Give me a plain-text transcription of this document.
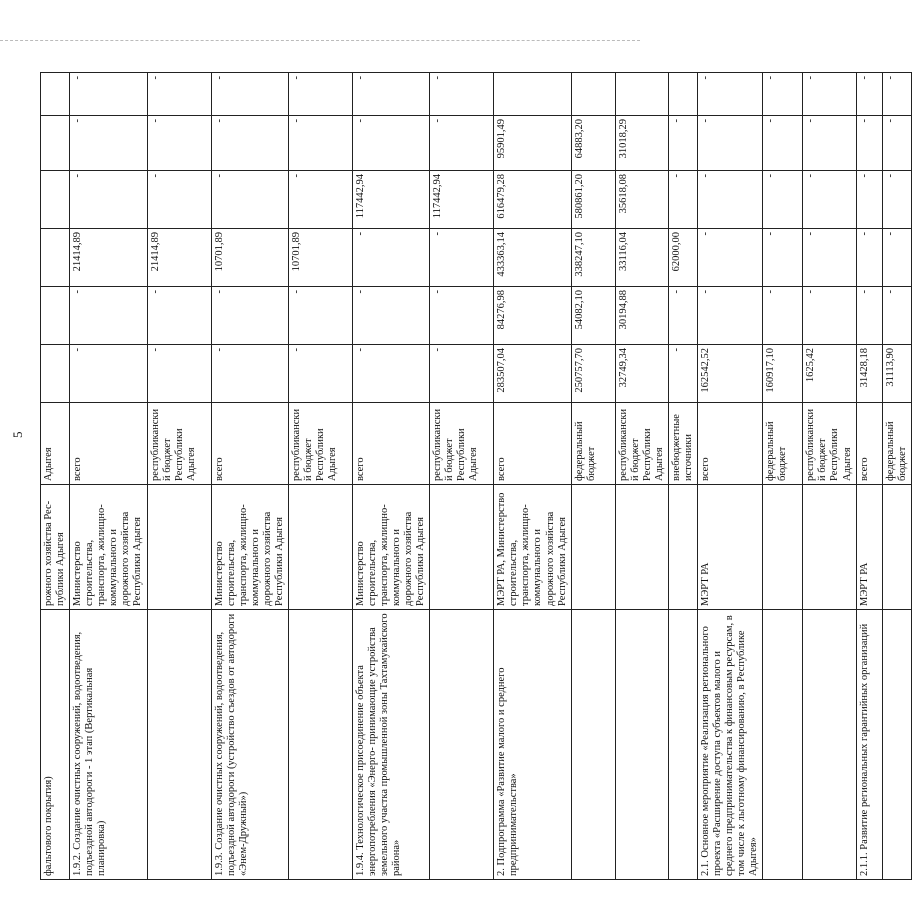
5
фальтового покрытия)	рожного хозяйства Рес-публики Адыгея	Адыгея						
1.9.2. Создание очистных сооружений, водоотведения, подъездной автодороги - 1 этап (Вертикальная планировка)	Министерство строительства, транспорта, жилищно-коммунального и дорожного хозяйства Республики Адыгея	всего	-	-	21414,89	-	-	-
		республиканский бюджет Республики Адыгея	-	-	21414,89	-	-	-
1.9.3. Создание очистных сооружений, водоотведения, подъездной автодороги (устройство съездов от автодороги «Энем-Дружный»)	Министерство строительства, транспорта, жилищно-коммунального и дорожного хозяйства Республики Адыгея	всего	-	-	10701,89	-	-	-
		республиканский бюджет Республики Адыгея	-	-	10701,89	-	-	-
1.9.4. Технологическое присоединение объекта энергопотребления «Энерго- принимающие устройства земельного участка промышленной зоны Тахтамукайского района»	Министерство строительства, транспорта, жилищно-коммунального и дорожного хозяйства Республики Адыгея	всего	-	-	-	117442,94	-	-
		республиканский бюджет Республики Адыгея	-	-	-	117442,94	-	-
2. Подпрограмма «Развитие малого и среднего предпринимательства»	МЭРТ РА, Министерство строительства, транспорта, жилищно-коммунального и дорожного хозяйства Республики Адыгея	всего	283507,04	84276,98	433363,14	616479,28	95901,49	
		федеральный бюджет	250757,70	54082,10	338247,10	580861,20	64883,20	
		республиканский бюджет Республики Адыгея	32749,34	30194,88	33116,04	35618,08	31018,29	
		внебюджетные источники	-	-	62000,00	-	-	
2.1. Основное мероприятие «Реализация регионального проекта «Расширение доступа субъектов малого и среднего предпринимательства к финансовым ресурсам, в том числе к льготному финансированию, в Республике Адыгея»	МЭРТ РА	всего	162542,52	-	-	-	-	-
		федеральный бюджет	160917,10	-	-	-	-	-
		республиканский бюджет Республики Адыгея	1625,42	-	-	-	-	-
2.1.1. Развитие региональных гарантийных организаций	МЭРТ РА	всего	31428,18	-	-	-	-	-
		федеральный бюджет	31113,90	-	-	-	-	-
